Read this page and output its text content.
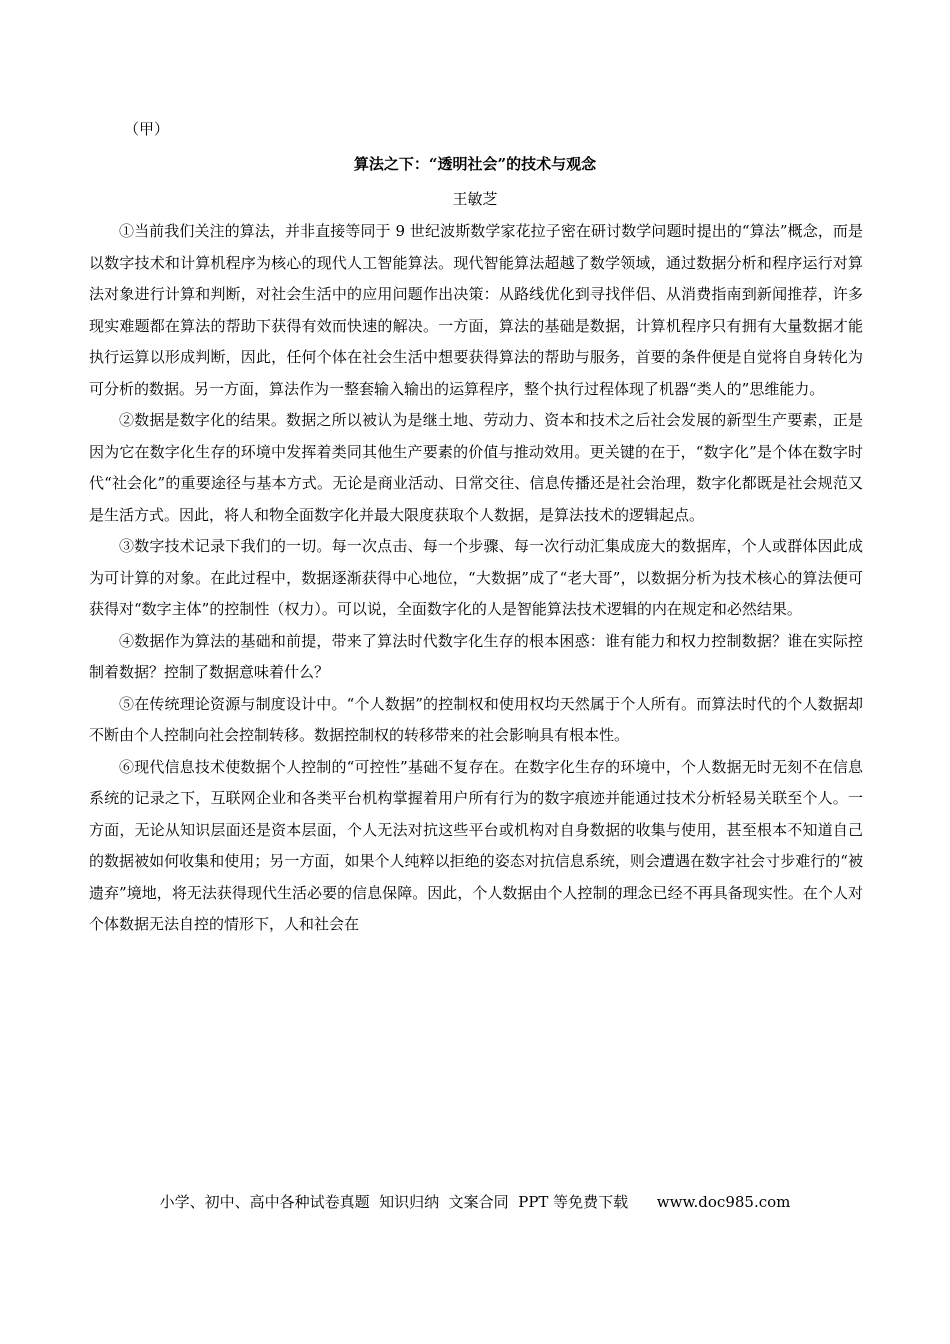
（甲）
算法之下：“透明社会”的技术与观念
王敏芝

①当前我们关注的算法，并非直接等同于 9 世纪波斯数学家花拉子密在研讨数学问题时提出的“算法”概念，而是以数字技术和计算机程序为核心的现代人工智能算法。现代智能算法超越了数学领域，通过数据分析和程序运行对算法对象进行计算和判断，对社会生活中的应用问题作出决策：从路线优化到寻找伴侣、从消费指南到新闻推荐，许多现实难题都在算法的帮助下获得有效而快速的解决。一方面，算法的基础是数据，计算机程序只有拥有大量数据才能执行运算以形成判断，因此，任何个体在社会生活中想要获得算法的帮助与服务，首要的条件便是自觉将自身转化为可分析的数据。另一方面，算法作为一整套输入输出的运算程序，整个执行过程体现了机器“类人的”思维能力。

②数据是数字化的结果。数据之所以被认为是继土地、劳动力、资本和技术之后社会发展的新型生产要素，正是因为它在数字化生存的环境中发挥着类同其他生产要素的价值与推动效用。更关键的在于，“数字化”是个体在数字时代“社会化”的重要途径与基本方式。无论是商业活动、日常交往、信息传播还是社会治理，数字化都既是社会规范又是生活方式。因此，将人和物全面数字化并最大限度获取个人数据，是算法技术的逻辑起点。

③数字技术记录下我们的一切。每一次点击、每一个步骤、每一次行动汇集成庞大的数据库，个人或群体因此成为可计算的对象。在此过程中，数据逐渐获得中心地位，“大数据”成了“老大哥”，以数据分析为技术核心的算法便可获得对“数字主体”的控制性（权力）。可以说，全面数字化的人是智能算法技术逻辑的内在规定和必然结果。

④数据作为算法的基础和前提，带来了算法时代数字化生存的根本困惑：谁有能力和权力控制数据？谁在实际控制着数据？控制了数据意味着什么？

⑤在传统理论资源与制度设计中。“个人数据”的控制权和使用权均天然属于个人所有。而算法时代的个人数据却不断由个人控制向社会控制转移。数据控制权的转移带来的社会影响具有根本性。

⑥现代信息技术使数据个人控制的“可控性”基础不复存在。在数字化生存的环境中，个人数据无时无刻不在信息系统的记录之下，互联网企业和各类平台机构掌握着用户所有行为的数字痕迹并能通过技术分析轻易关联至个人。一方面，无论从知识层面还是资本层面，个人无法对抗这些平台或机构对自身数据的收集与使用，甚至根本不知道自己的数据被如何收集和使用；另一方面，如果个人纯粹以拒绝的姿态对抗信息系统，则会遭遇在数字社会寸步难行的“被遗弃”境地，将无法获得现代生活必要的信息保障。因此，个人数据由个人控制的理念已经不再具备现实性。在个人对个体数据无法自控的情形下，人和社会在

小学、初中、高中各种试卷真题  知识归纳  文案合同  PPT 等免费下载      www.doc985.com
